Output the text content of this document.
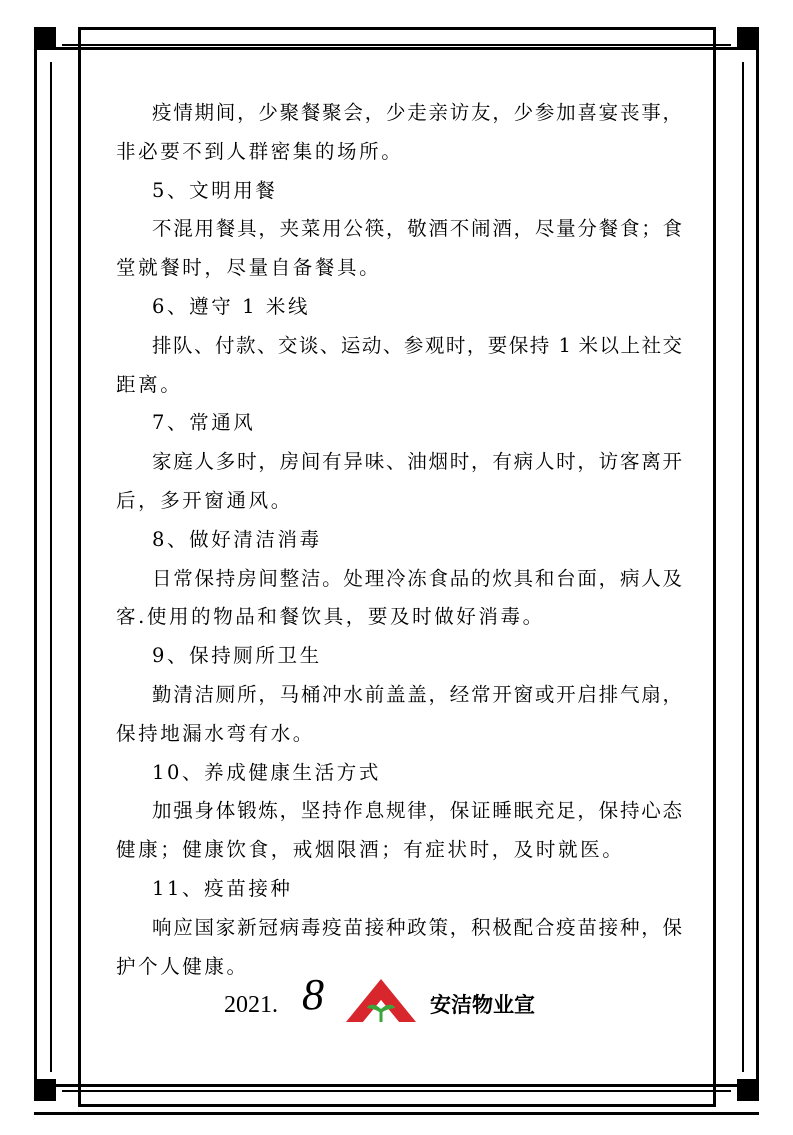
疫情期间，少聚餐聚会，少走亲访友，少参加喜宴丧事，
非必要不到人群密集的场所。
5、文明用餐
不混用餐具，夹菜用公筷，敬酒不闹酒，尽量分餐食；食
堂就餐时，尽量自备餐具。
6、遵守 1 米线
排队、付款、交谈、运动、参观时，要保持 1 米以上社交
距离。
7、常通风
家庭人多时，房间有异味、油烟时，有病人时，访客离开
后，多开窗通风。
8、做好清洁消毒
日常保持房间整洁。处理冷冻食品的炊具和台面，病人及
客.使用的物品和餐饮具，要及时做好消毒。
9、保持厕所卫生
勤清洁厕所，马桶冲水前盖盖，经常开窗或开启排气扇，
保持地漏水弯有水。
10、养成健康生活方式
加强身体锻炼，坚持作息规律，保证睡眠充足，保持心态
健康；健康饮食，戒烟限酒；有症状时，及时就医。
11、疫苗接种
响应国家新冠病毒疫苗接种政策，积极配合疫苗接种，保
护个人健康。
2021. 8	安洁物业宣
